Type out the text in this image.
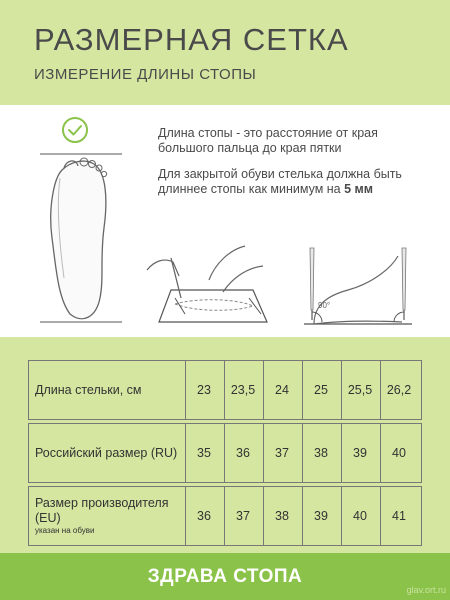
РАЗМЕРНАЯ СЕТКА
ИЗМЕРЕНИЕ ДЛИНЫ СТОПЫ
90°
Длина стопы - это расстояние от края большого пальца до края пятки
Для закрытой обуви стелька должна быть длиннее стопы как минимум на 5 мм
Длина стельки, см	23	23,5	24	25	25,5	26,2
Российский размер (RU)	35	36	37	38	39	40
Размер производителя (EU)
указан на обуви
36	37	38	39	40	41
ЗДРАВА СТОПА
glav.ort.ru
